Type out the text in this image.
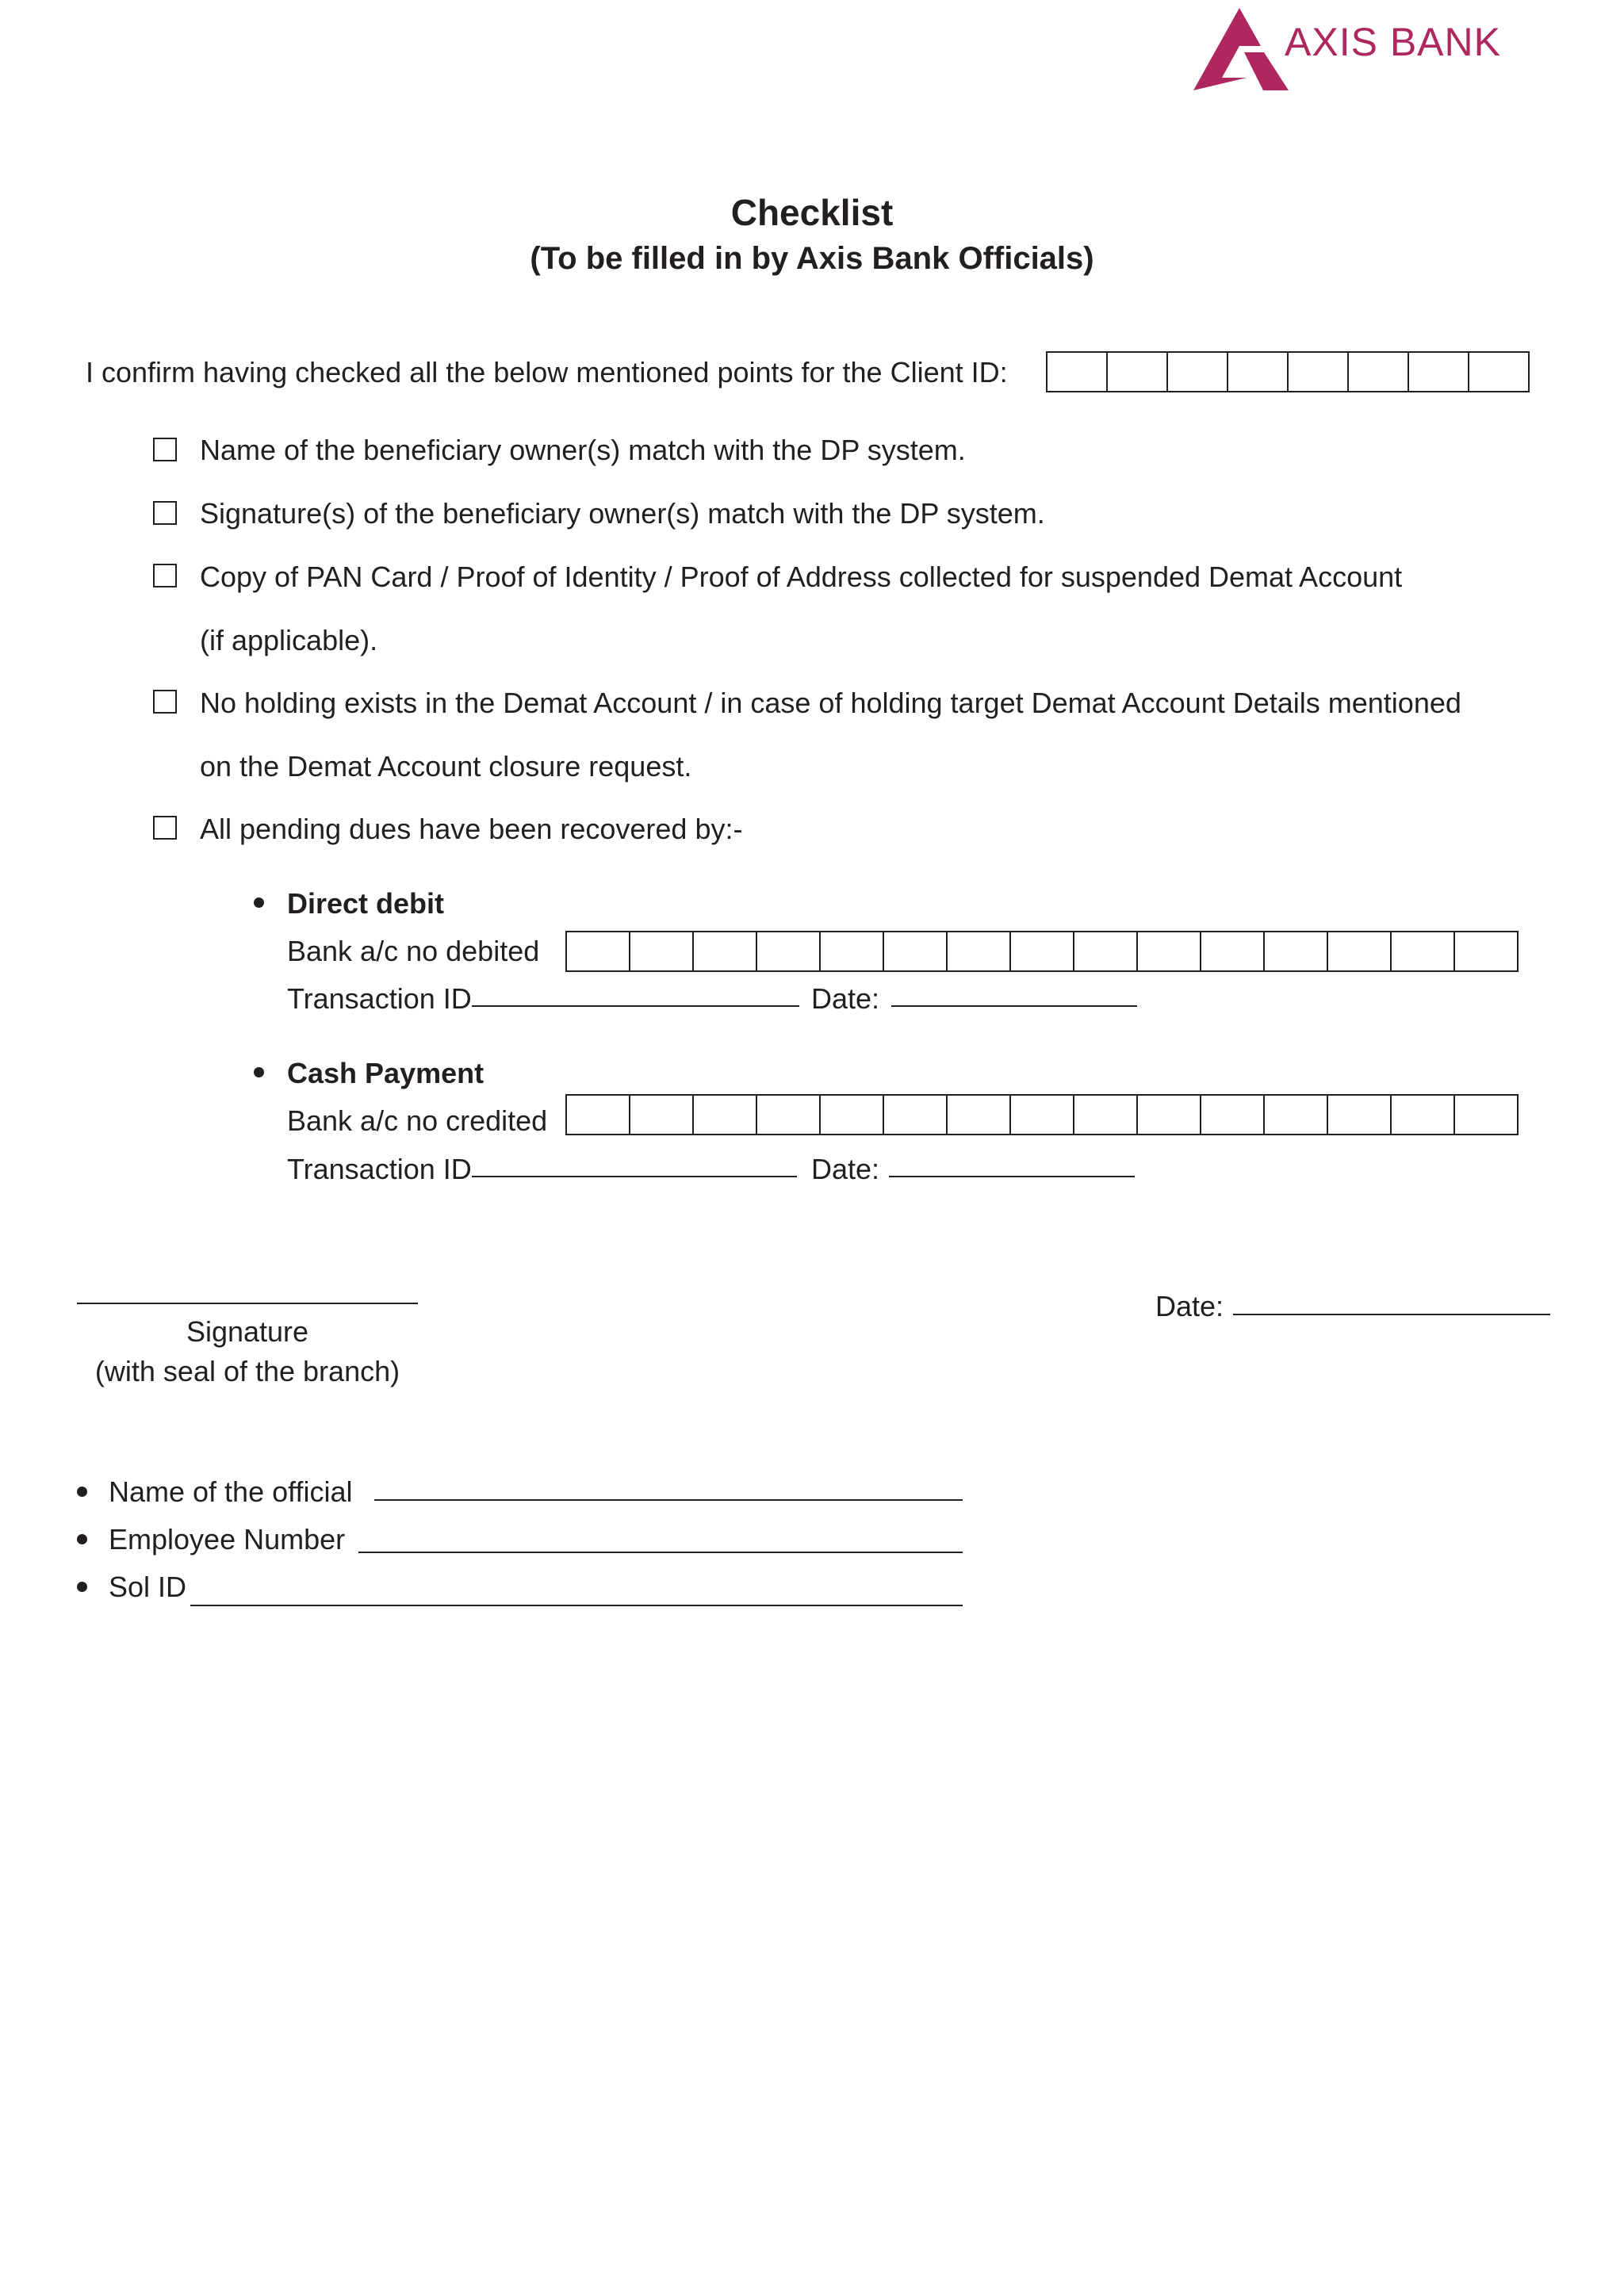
AXIS BANK
Checklist
(To be filled in by Axis Bank Officials)
I confirm having checked all the below mentioned points for the Client ID:
Name of the beneficiary owner(s) match with the DP system.
Signature(s) of the beneficiary owner(s) match with the DP system.
Copy of PAN Card / Proof of Identity / Proof of Address collected for suspended Demat Account
(if applicable).
No holding exists in the Demat Account / in case of holding target Demat Account Details mentioned
on the Demat Account closure request.
All pending dues have been recovered by:-
Direct debit
Bank a/c no debited
Transaction ID	Date:
Cash Payment
Bank a/c no credited
Transaction ID	Date:
Signature
(with seal of the branch)
Date:
Name of the official
Employee Number
Sol ID
